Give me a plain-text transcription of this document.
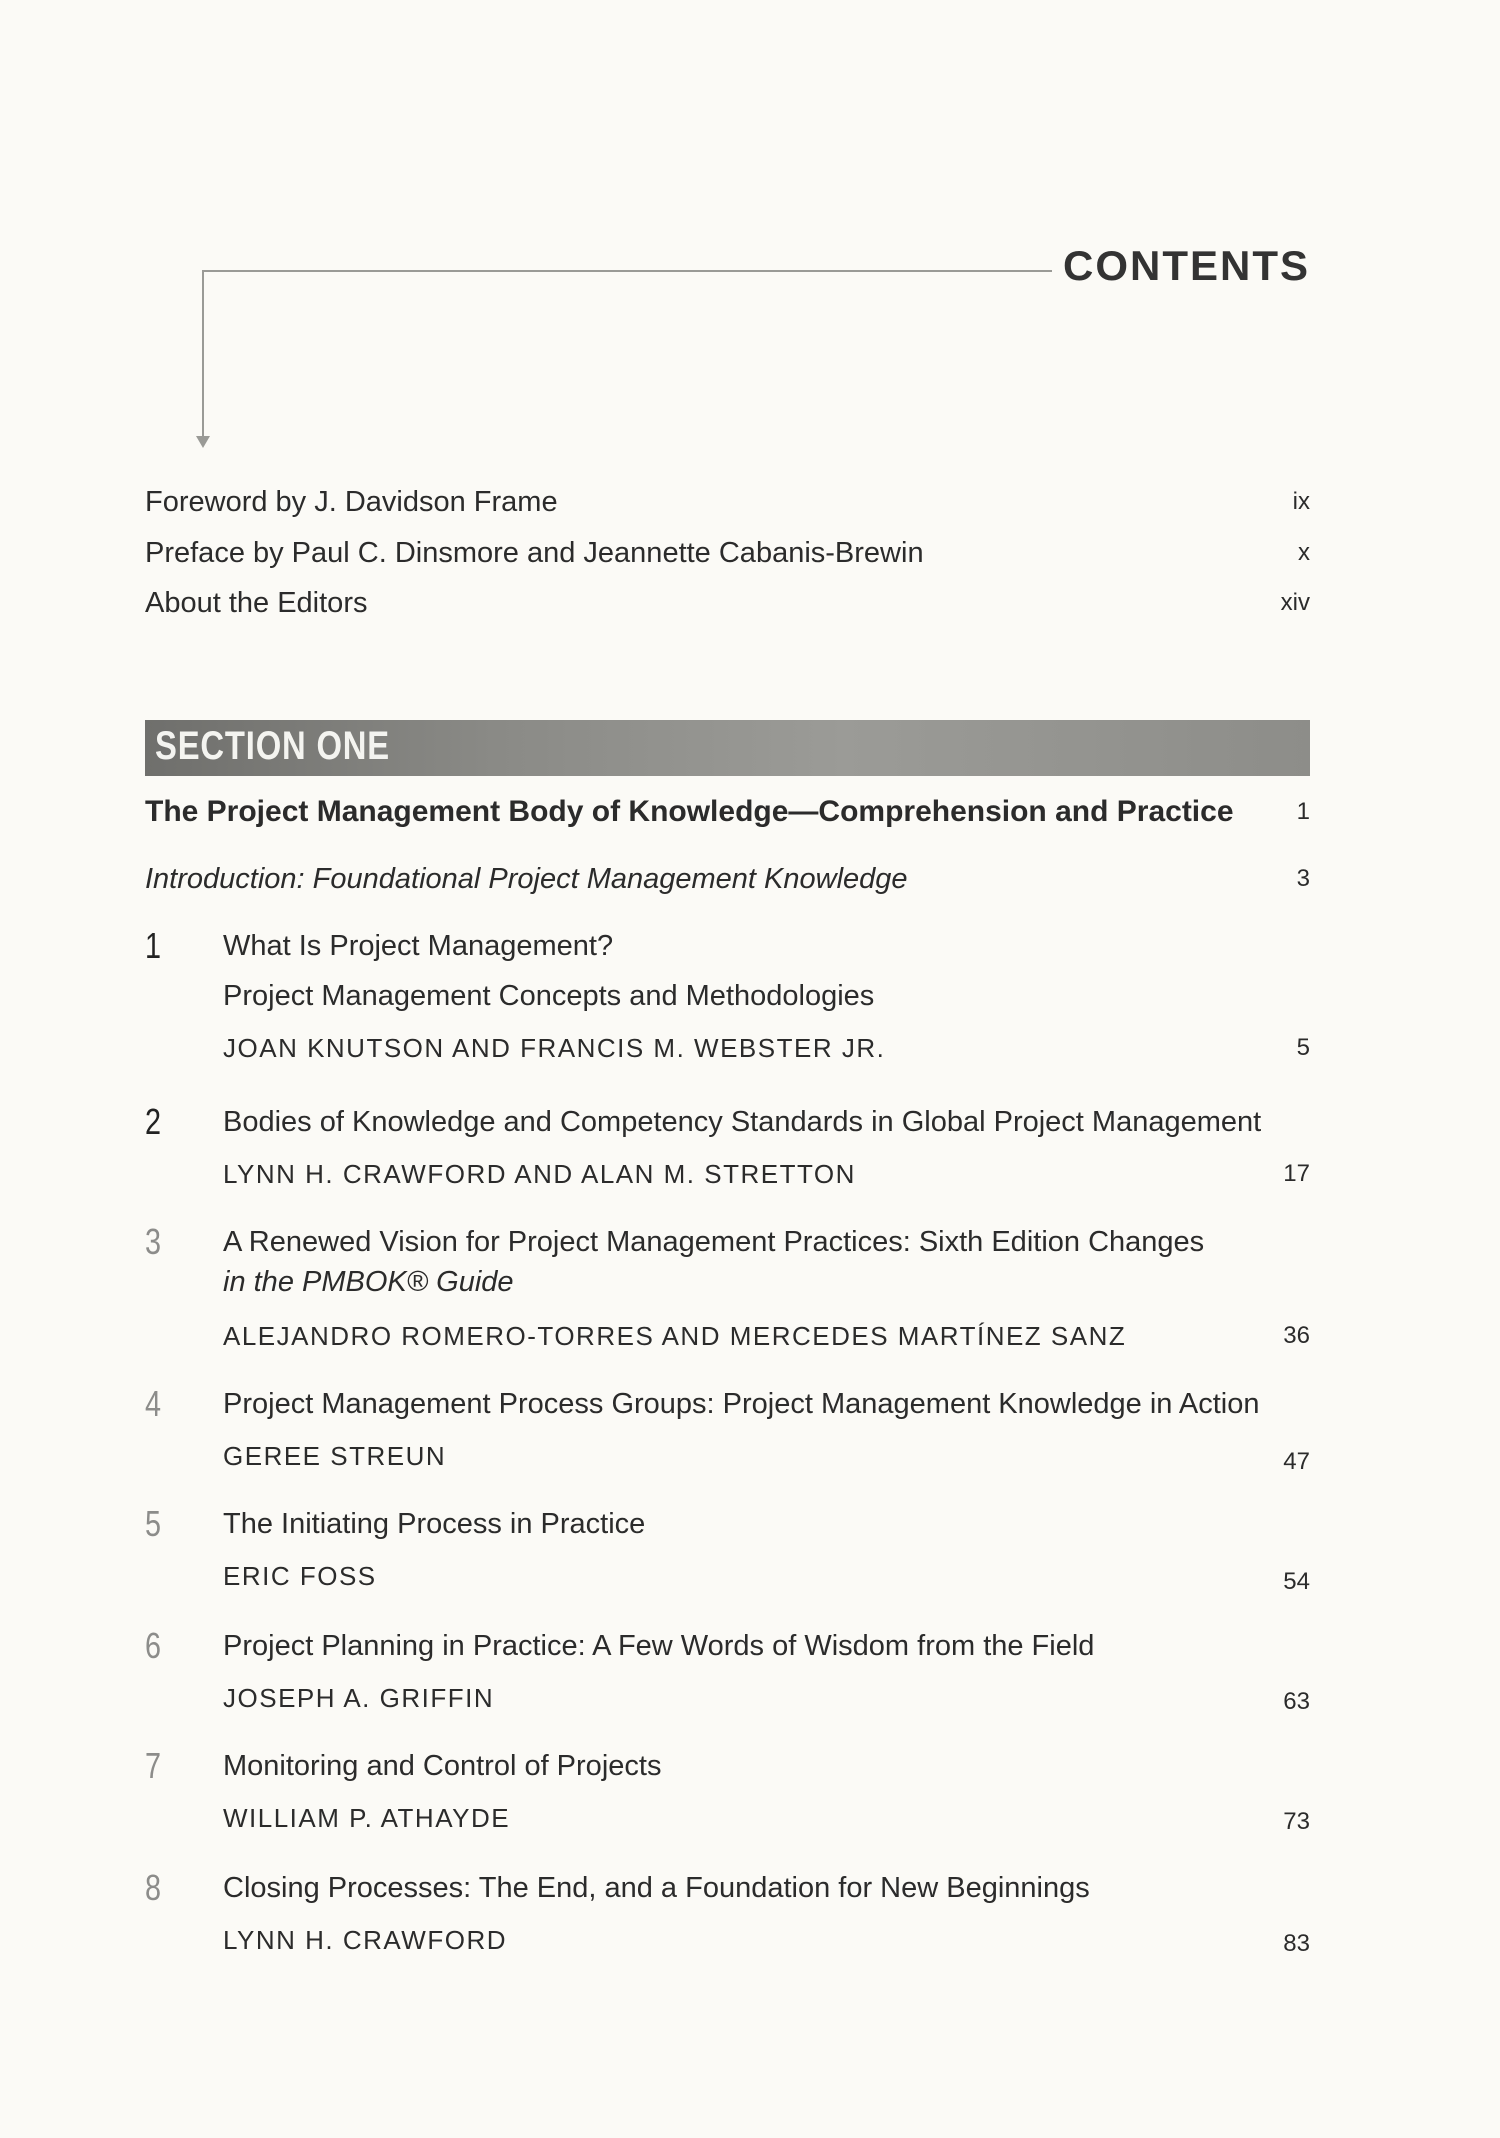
CONTENTS
Foreword by J. Davidson Frame	ix
Preface by Paul C. Dinsmore and Jeannette Cabanis-Brewin	x
About the Editors	xiv
SECTION ONE
The Project Management Body of Knowledge—Comprehension and Practice	1
Introduction: Foundational Project Management Knowledge	3
1 What Is Project Management?
Project Management Concepts and Methodologies
JOAN KNUTSON AND FRANCIS M. WEBSTER JR.	5
2 Bodies of Knowledge and Competency Standards in Global Project Management
LYNN H. CRAWFORD AND ALAN M. STRETTON	17
3 A Renewed Vision for Project Management Practices: Sixth Edition Changes
in the PMBOK® Guide
ALEJANDRO ROMERO-TORRES AND MERCEDES MARTÍNEZ SANZ	36
4 Project Management Process Groups: Project Management Knowledge in Action
GEREE STREUN	47
5 The Initiating Process in Practice
ERIC FOSS	54
6 Project Planning in Practice: A Few Words of Wisdom from the Field
JOSEPH A. GRIFFIN	63
7 Monitoring and Control of Projects
WILLIAM P. ATHAYDE	73
8 Closing Processes: The End, and a Foundation for New Beginnings
LYNN H. CRAWFORD	83
